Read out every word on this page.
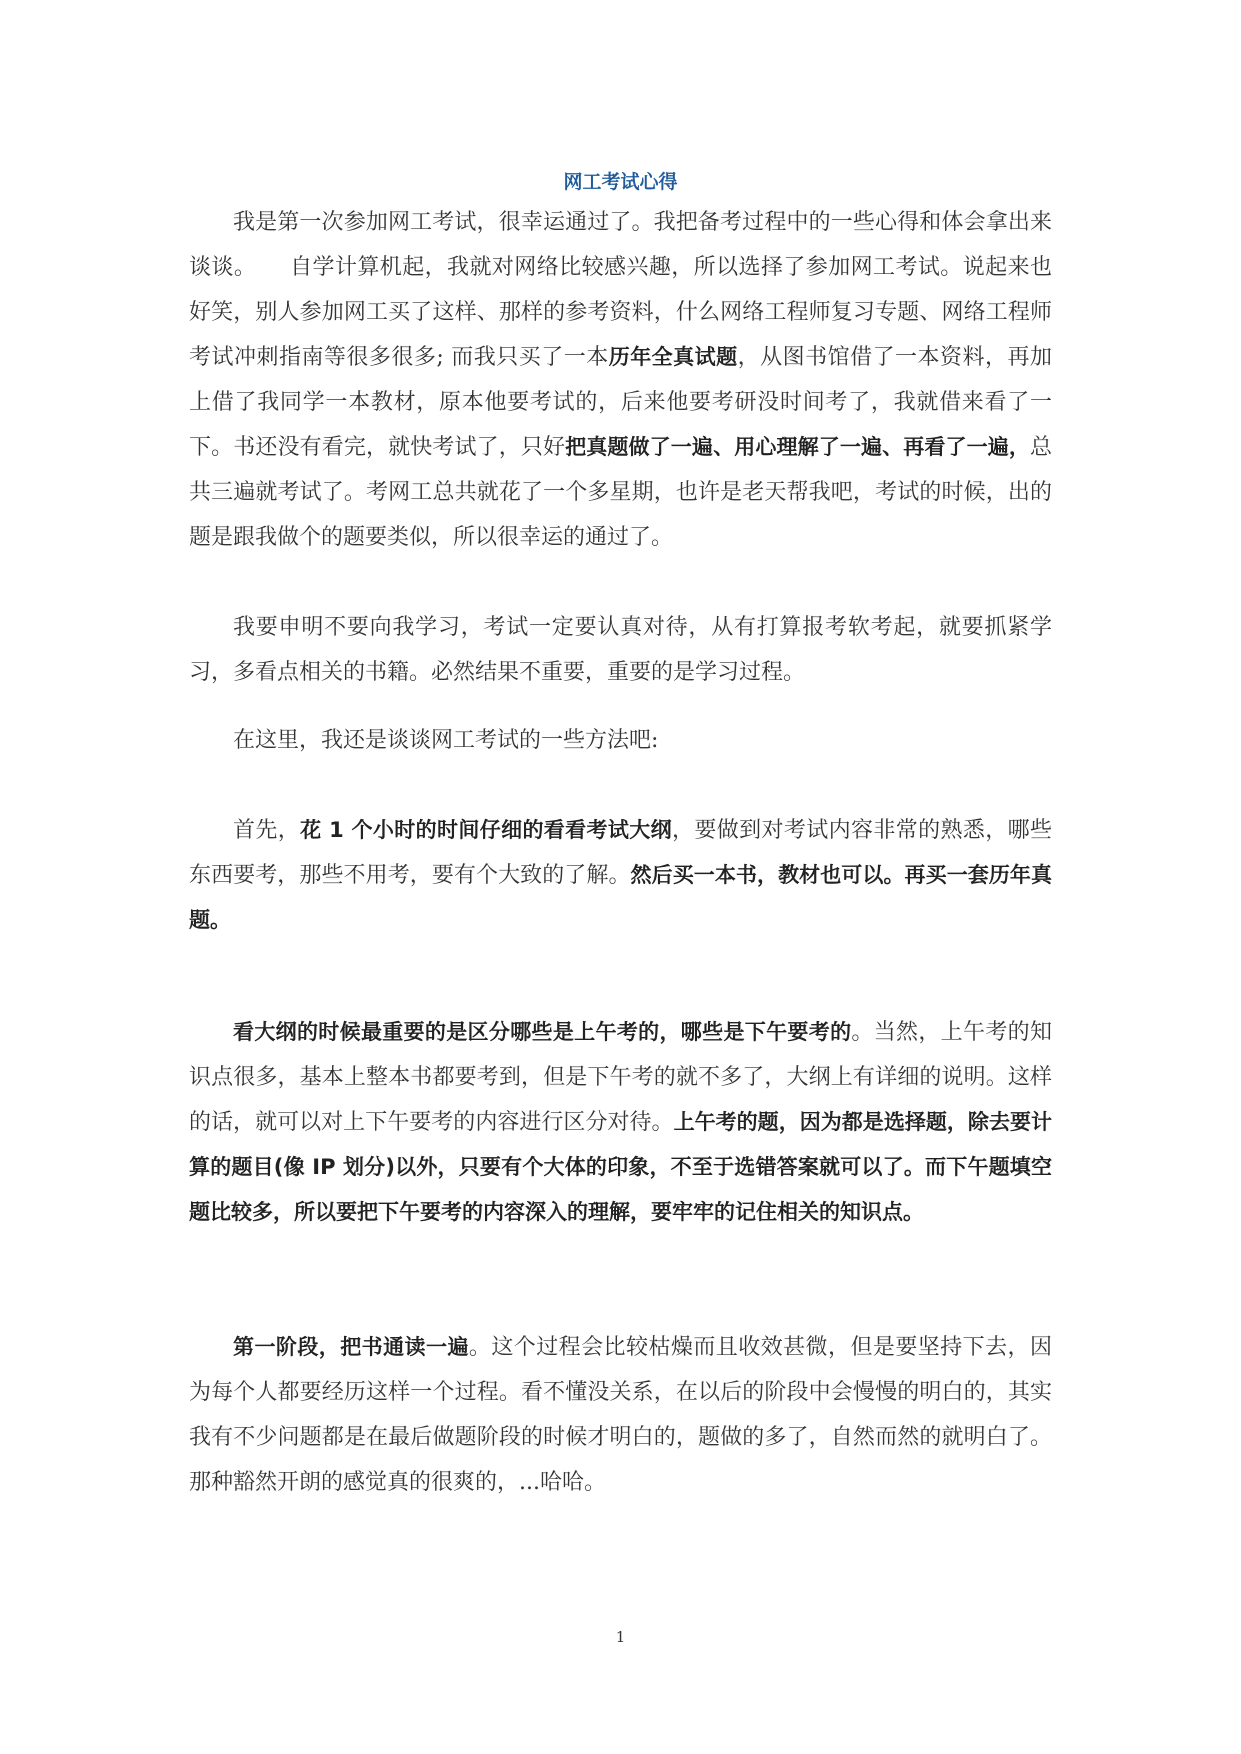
网工考试心得

我是第一次参加网工考试，很幸运通过了。我把备考过程中的一些心得和体会拿出来谈谈。　　自学计算机起，我就对网络比较感兴趣，所以选择了参加网工考试。说起来也好笑，别人参加网工买了这样、那样的参考资料，什么网络工程师复习专题、网络工程师考试冲刺指南等很多很多; 而我只买了一本历年全真试题，从图书馆借了一本资料，再加上借了我同学一本教材，原本他要考试的，后来他要考研没时间考了，我就借来看了一下。书还没有看完，就快考试了，只好把真题做了一遍、用心理解了一遍、再看了一遍，总共三遍就考试了。考网工总共就花了一个多星期，也许是老天帮我吧，考试的时候，出的题是跟我做个的题要类似，所以很幸运的通过了。

我要申明不要向我学习，考试一定要认真对待，从有打算报考软考起，就要抓紧学习，多看点相关的书籍。必然结果不重要，重要的是学习过程。

在这里，我还是谈谈网工考试的一些方法吧:

首先，花 1 个小时的时间仔细的看看考试大纲，要做到对考试内容非常的熟悉，哪些东西要考，那些不用考，要有个大致的了解。然后买一本书，教材也可以。再买一套历年真题。

看大纲的时候最重要的是区分哪些是上午考的，哪些是下午要考的。当然，上午考的知识点很多，基本上整本书都要考到，但是下午考的就不多了，大纲上有详细的说明。这样的话，就可以对上下午要考的内容进行区分对待。上午考的题，因为都是选择题，除去要计算的题目(像 IP 划分)以外，只要有个大体的印象，不至于选错答案就可以了。而下午题填空题比较多，所以要把下午要考的内容深入的理解，要牢牢的记住相关的知识点。

第一阶段，把书通读一遍。这个过程会比较枯燥而且收效甚微，但是要坚持下去，因为每个人都要经历这样一个过程。看不懂没关系，在以后的阶段中会慢慢的明白的，其实我有不少问题都是在最后做题阶段的时候才明白的，题做的多了，自然而然的就明白了。那种豁然开朗的感觉真的很爽的，...哈哈。

1
